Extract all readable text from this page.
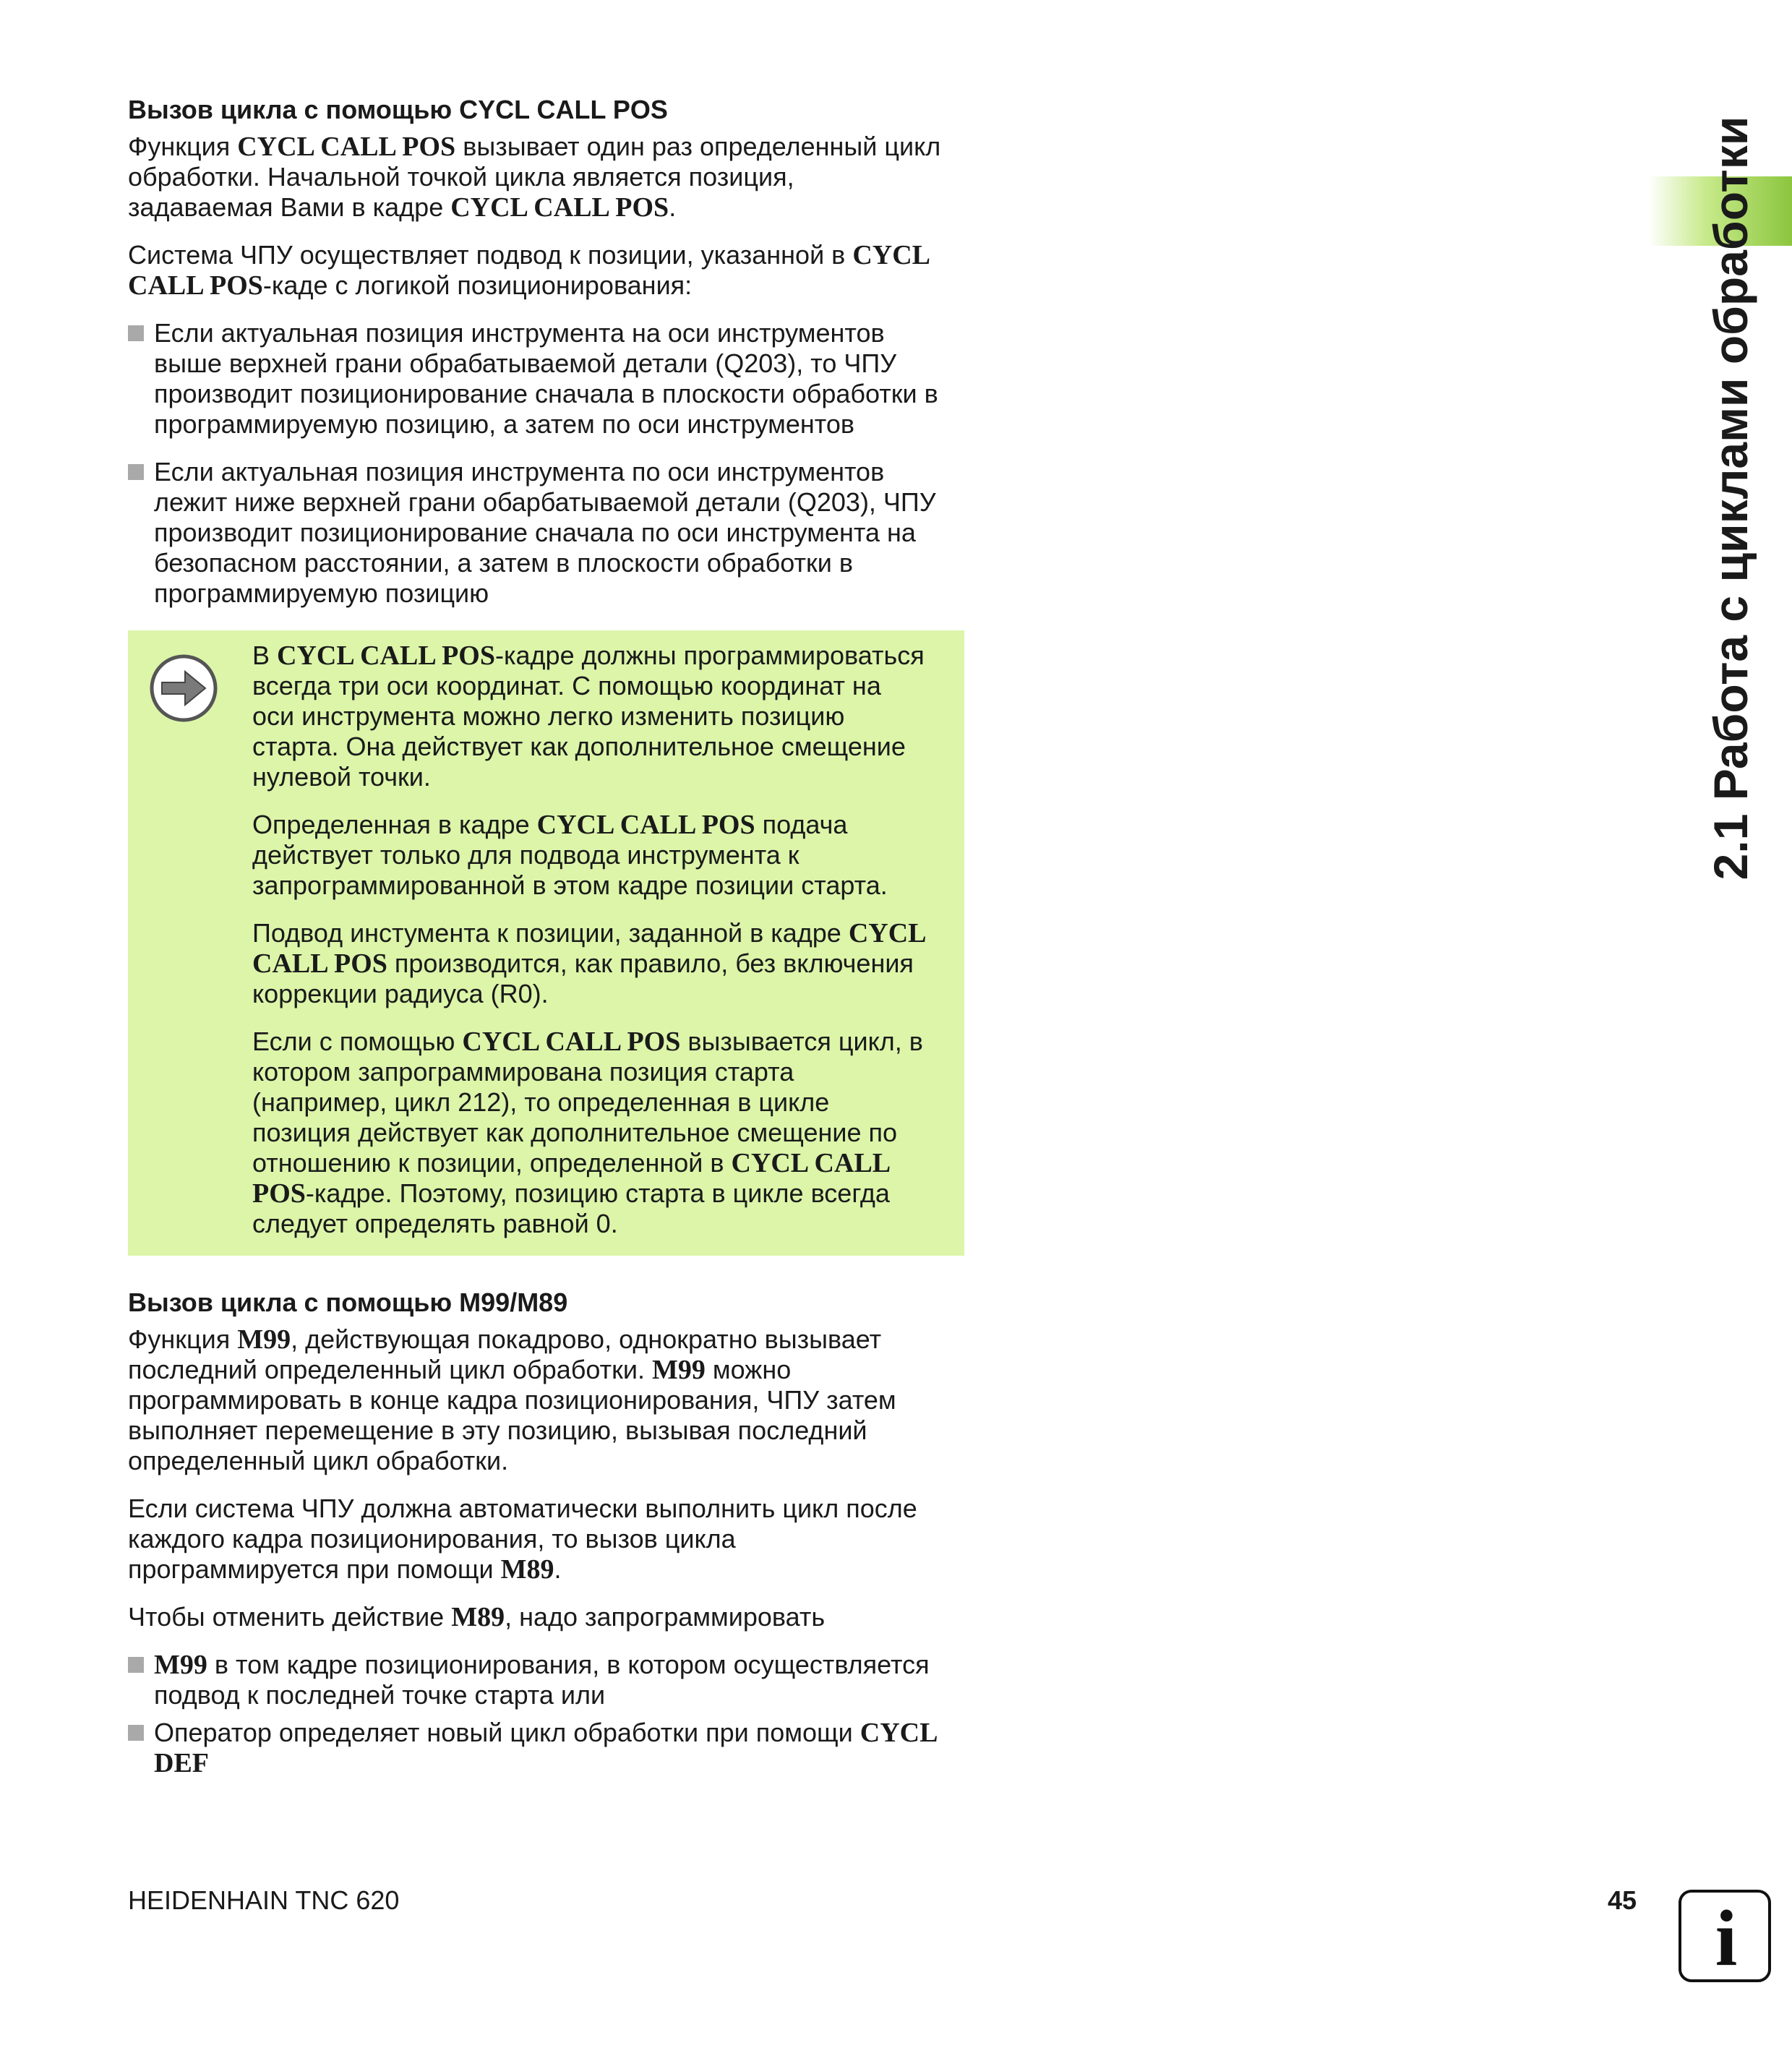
2.1 Работа с циклами обработки

Вызов цикла с помощью CYCL CALL POS

Функция CYCL CALL POS вызывает один раз определенный цикл
обработки. Начальной точкой цикла является позиция,
задаваемая Вами в кадре CYCL CALL POS.

Система ЧПУ осуществляет подвод к позиции, указанной в CYCL
CALL POS-каде с логикой позиционирования:

Если актуальная позиция инструмента на оси инструментов
выше верхней грани обрабатываемой детали (Q203), то ЧПУ
производит позиционирование сначала в плоскости обработки в
программируемую позицию, а затем по оси инструментов

Если актуальная позиция инструмента по оси инструментов
лежит ниже верхней грани обарбатываемой детали (Q203), ЧПУ
производит позиционирование сначала по оси инструмента на
безопасном расстоянии, а затем в плоскости обработки в
программируемую позицию

В CYCL CALL POS-кадре должны программироваться
всегда три оси координат. С помощью координат на
оси инструмента можно легко изменить позицию
старта. Она действует как дополнительное смещение
нулевой точки.

Определенная в кадре CYCL CALL POS подача
действует только для подвода инструмента к
запрограммированной в этом кадре позиции старта.

Подвод инстумента к позиции, заданной в кадре CYCL
CALL POS производится, как правило, без включения
коррекции радиуса (R0).

Если с помощью CYCL CALL POS вызывается цикл, в
котором запрограммирована позиция старта
(например, цикл 212), то определенная в цикле
позиция действует как дополнительное смещение по
отношению к позиции, определенной в CYCL CALL
POS-кадре. Поэтому, позицию старта в цикле всегда
следует определять равной 0.

Вызов цикла с помощью M99/M89

Функция M99, действующая покадрово, однократно вызывает
последний определенный цикл обработки. M99 можно
программировать в конце кадра позиционирования, ЧПУ затем
выполняет перемещение в эту позицию, вызывая последний
определенный цикл обработки.

Если система ЧПУ должна автоматически выполнить цикл после
каждого кадра позиционирования, то вызов цикла
программируется при помощи M89.

Чтобы отменить действие M89, надо запрограммировать

M99 в том кадре позиционирования, в котором осуществляется
подвод к последней точке старта или

Оператор определяет новый цикл обработки при помощи CYCL
DEF

HEIDENHAIN TNC 620	45 i
